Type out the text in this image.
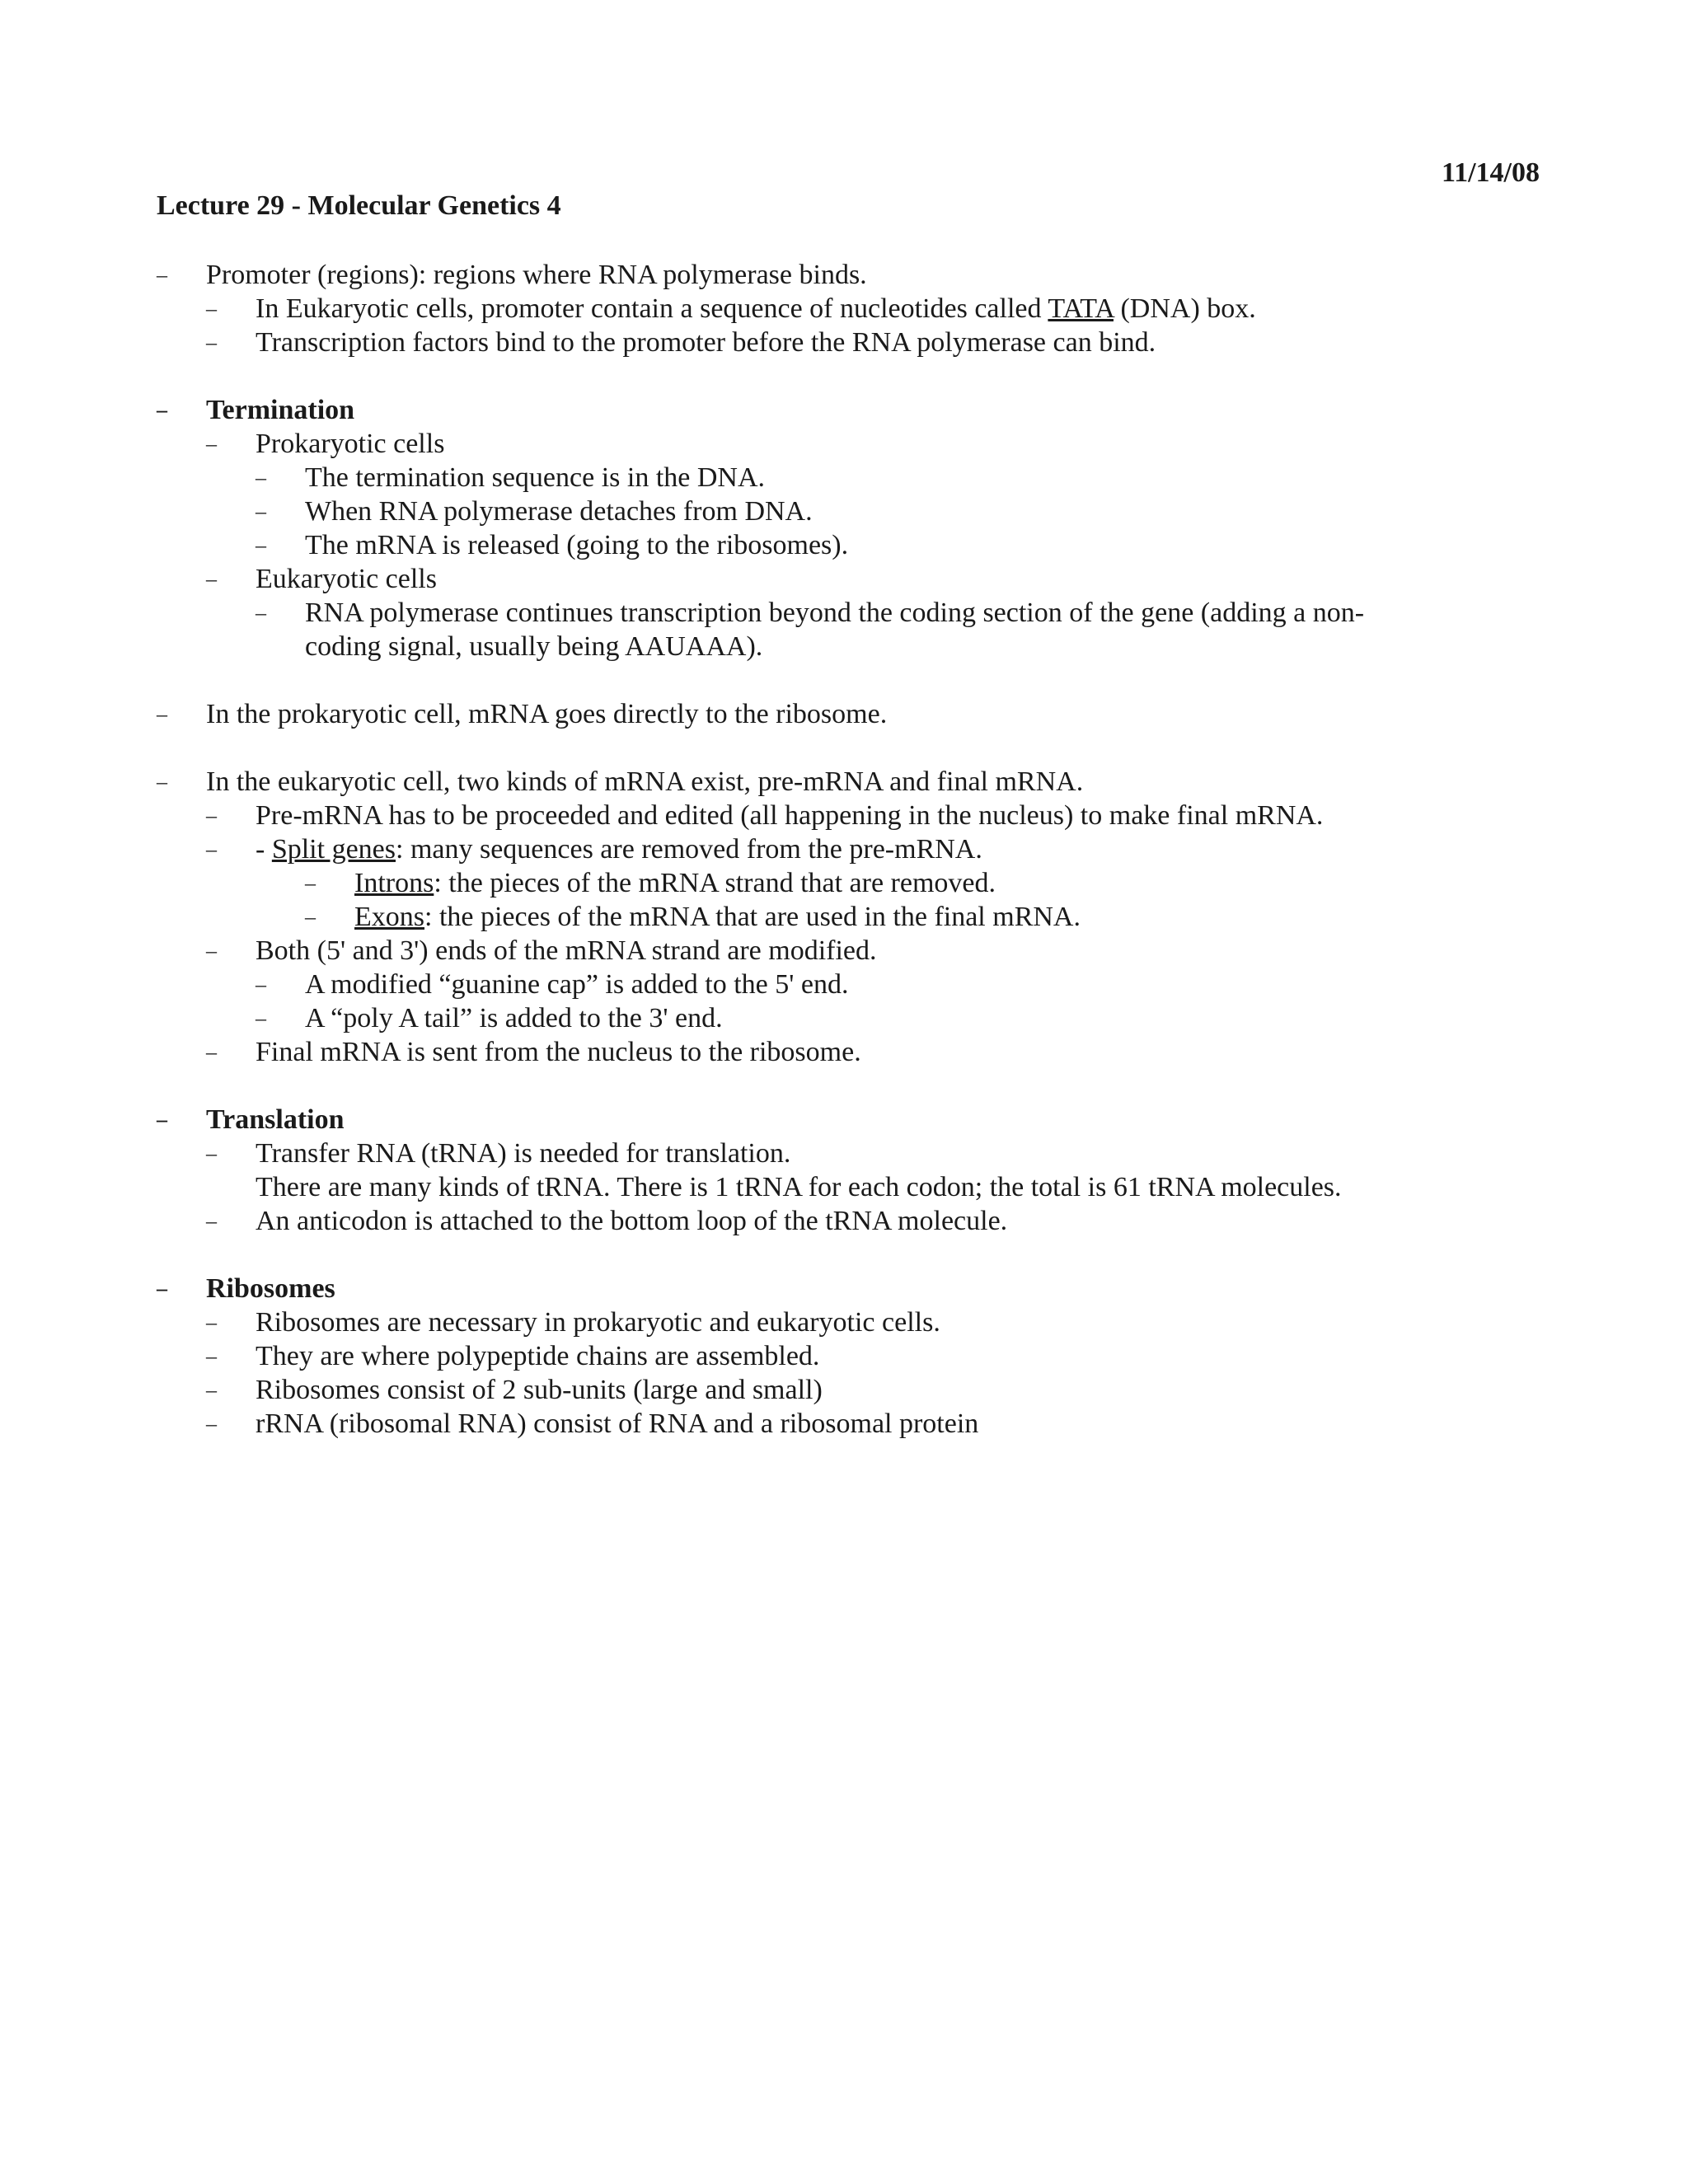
11/14/08
Lecture 29 - Molecular Genetics 4
– Promoter (regions): regions where RNA polymerase binds.
– In Eukaryotic cells, promoter contain a sequence of nucleotides called TATA (DNA) box.
– Transcription factors bind to the promoter before the RNA polymerase can bind.
– Termination
– Prokaryotic cells
– The termination sequence is in the DNA.
– When RNA polymerase detaches from DNA.
– The mRNA is released (going to the ribosomes).
– Eukaryotic cells
– RNA polymerase continues transcription beyond the coding section of the gene (adding a non-
coding signal, usually being AAUAAA).
– In the prokaryotic cell, mRNA goes directly to the ribosome.
– In the eukaryotic cell, two kinds of mRNA exist, pre-mRNA and final mRNA.
– Pre-mRNA has to be proceeded and edited (all happening in the nucleus) to make final mRNA.
– - Split genes: many sequences are removed from the pre-mRNA.
– Introns: the pieces of the mRNA strand that are removed.
– Exons: the pieces of the mRNA that are used in the final mRNA.
– Both (5' and 3') ends of the mRNA strand are modified.
– A modified “guanine cap” is added to the 5' end.
– A “poly A tail” is added to the 3' end.
– Final mRNA is sent from the nucleus to the ribosome.
– Translation
– Transfer RNA (tRNA) is needed for translation.
There are many kinds of tRNA. There is 1 tRNA for each codon; the total is 61 tRNA molecules.
– An anticodon is attached to the bottom loop of the tRNA molecule.
– Ribosomes
– Ribosomes are necessary in prokaryotic and eukaryotic cells.
– They are where polypeptide chains are assembled.
– Ribosomes consist of 2 sub-units (large and small)
– rRNA (ribosomal RNA) consist of RNA and a ribosomal protein
